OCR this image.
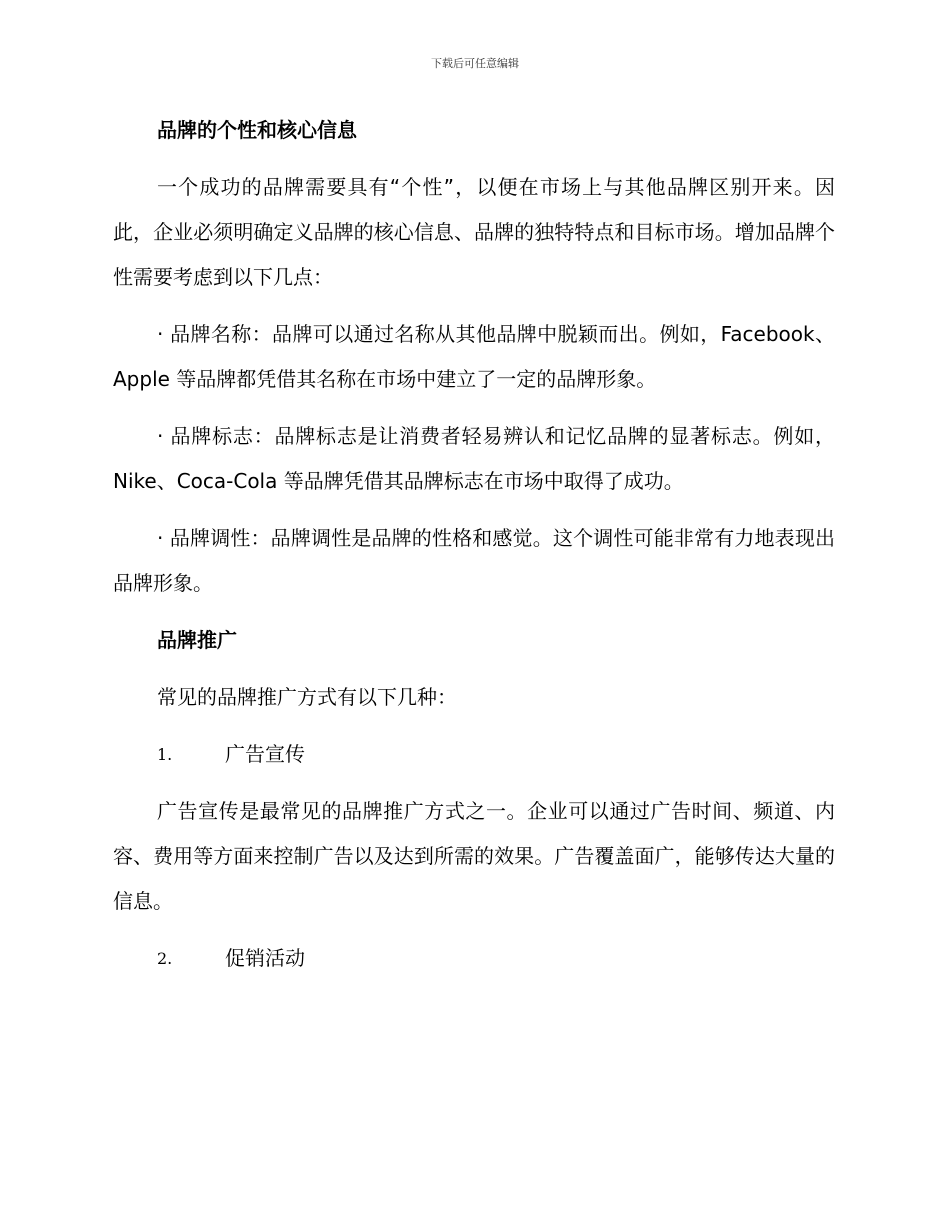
下载后可任意编辑

品牌的个性和核心信息

一个成功的品牌需要具有“个性”，以便在市场上与其他品牌区别开来。因此，企业必须明确定义品牌的核心信息、品牌的独特特点和目标市场。增加品牌个性需要考虑到以下几点：

· 品牌名称：品牌可以通过名称从其他品牌中脱颖而出。例如，Facebook、Apple 等品牌都凭借其名称在市场中建立了一定的品牌形象。

· 品牌标志：品牌标志是让消费者轻易辨认和记忆品牌的显著标志。例如，Nike、Coca-Cola 等品牌凭借其品牌标志在市场中取得了成功。

· 品牌调性：品牌调性是品牌的性格和感觉。这个调性可能非常有力地表现出品牌形象。

品牌推广

常见的品牌推广方式有以下几种：

1.	广告宣传

广告宣传是最常见的品牌推广方式之一。企业可以通过广告时间、频道、内容、费用等方面来控制广告以及达到所需的效果。广告覆盖面广，能够传达大量的信息。

2.	促销活动
